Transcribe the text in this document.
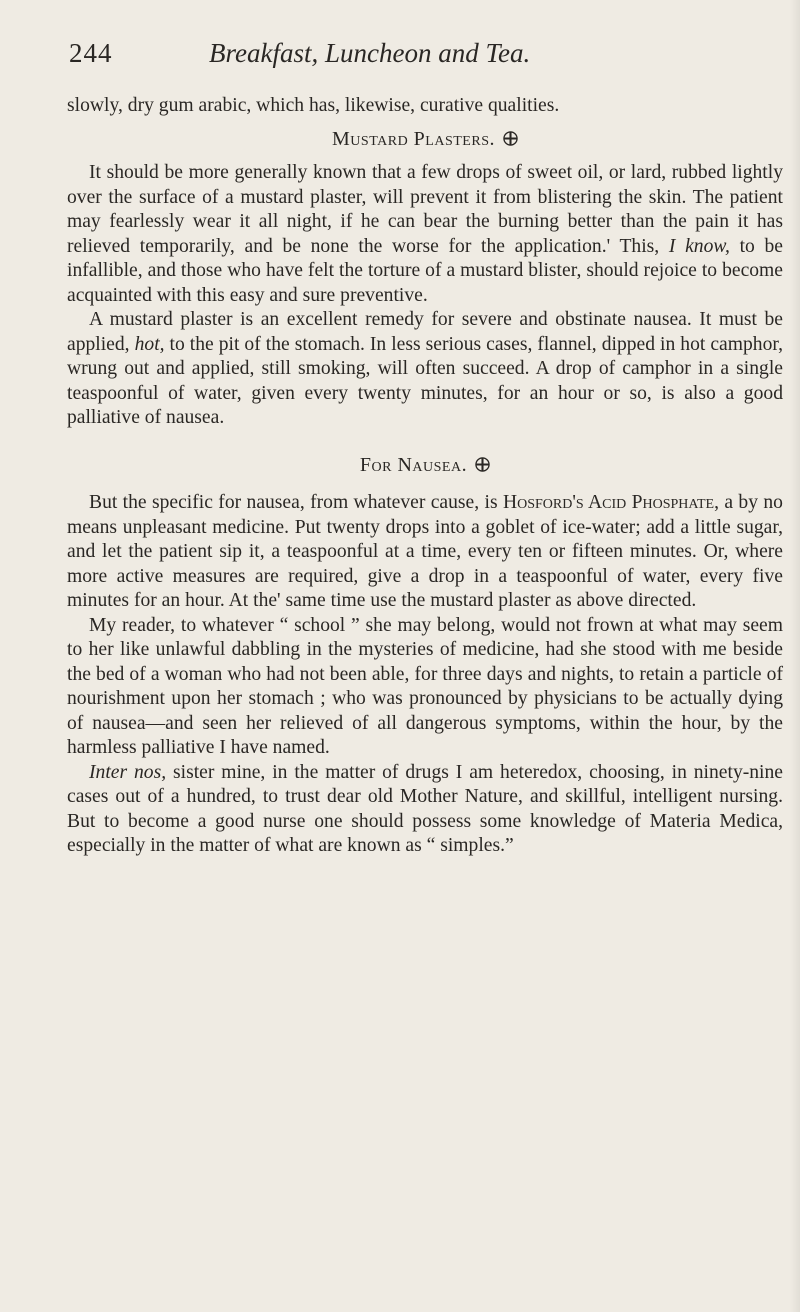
244	Breakfast, Luncheon and Tea.

slowly, dry gum arabic, which has, likewise, curative qualities.

Mustard Plasters.

It should be more generally known that a few drops of sweet oil, or lard, rubbed lightly over the surface of a mustard plaster, will prevent it from blistering the skin. The patient may fearlessly wear it all night, if he can bear the burning better than the pain it has relieved temporarily, and be none the worse for the application.' This, I know, to be infallible, and those who have felt the torture of a mustard blister, should rejoice to become acquainted with this easy and sure preventive.

A mustard plaster is an excellent remedy for severe and obstinate nausea. It must be applied, hot, to the pit of the stomach. In less serious cases, flannel, dipped in hot camphor, wrung out and applied, still smoking, will often succeed. A drop of camphor in a single teaspoonful of water, given every twenty minutes, for an hour or so, is also a good palliative of nausea.

For Nausea.

But the specific for nausea, from whatever cause, is Hosford's Acid Phosphate, a by no means unpleasant medicine. Put twenty drops into a goblet of ice-water; add a little sugar, and let the patient sip it, a teaspoonful at a time, every ten or fifteen minutes. Or, where more active measures are required, give a drop in a teaspoonful of water, every five minutes for an hour. At the' same time use the mustard plaster as above directed.

My reader, to whatever “ school ” she may belong, would not frown at what may seem to her like unlawful dabbling in the mysteries of medicine, had she stood with me beside the bed of a woman who had not been able, for three days and nights, to retain a particle of nourishment upon her stomach ; who was pronounced by physicians to be actually dying of nausea—and seen her relieved of all dangerous symptoms, within the hour, by the harmless palliative I have named.

Inter nos, sister mine, in the matter of drugs I am heteredox, choosing, in ninety-nine cases out of a hundred, to trust dear old Mother Nature, and skillful, intelligent nursing. But to become a good nurse one should possess some knowledge of Materia Medica, especially in the matter of what are known as “ simples.”
